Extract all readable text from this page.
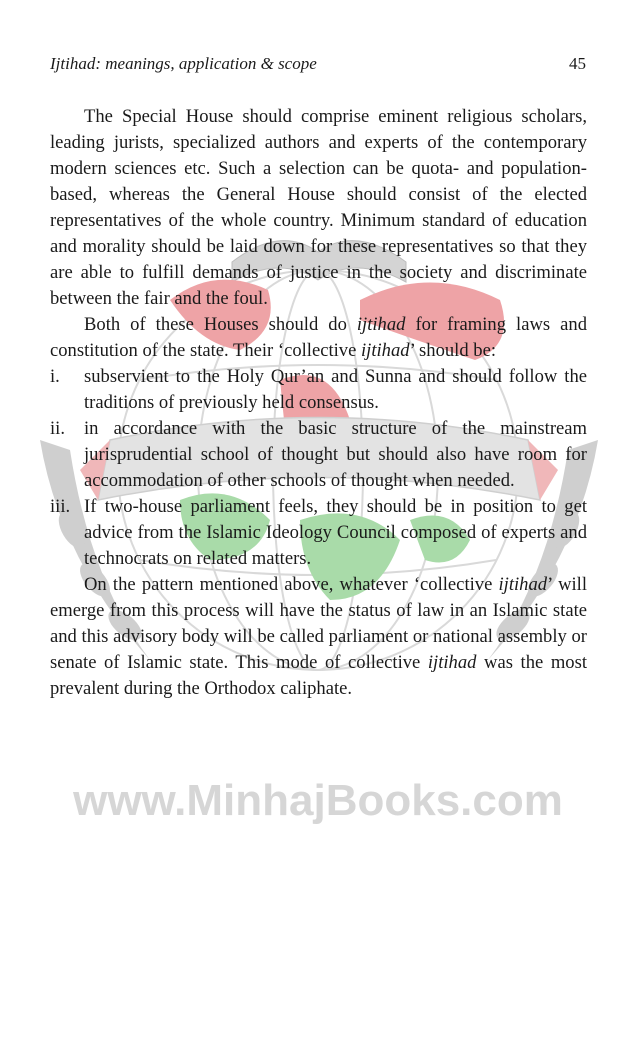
www.MinhajBooks.com
Ijtihad: meanings, application & scope	45

The Special House should comprise eminent religious scholars, leading jurists, specialized authors and experts of the contemporary modern sciences etc. Such a selection can be quota- and population-based, whereas the General House should consist of the elected representatives of the whole country. Minimum standard of education and morality should be laid down for these representatives so that they are able to fulfill demands of justice in the society and discriminate between the fair and the foul.

Both of these Houses should do ijtihad for framing laws and constitution of the state. Their ‘collective ijtihad’ should be:

i. subservient to the Holy Qur’an and Sunna and should follow the traditions of previously held consensus.
ii. in accordance with the basic structure of the mainstream jurisprudential school of thought but should also have room for accommodation of other schools of thought when needed.
iii. If two-house parliament feels, they should be in position to get advice from the Islamic Ideology Council composed of experts and technocrats on related matters.

On the pattern mentioned above, whatever ‘collective ijtihad’ will emerge from this process will have the status of law in an Islamic state and this advisory body will be called parliament or national assembly or senate of Islamic state. This mode of collective ijtihad was the most prevalent during the Orthodox caliphate.
